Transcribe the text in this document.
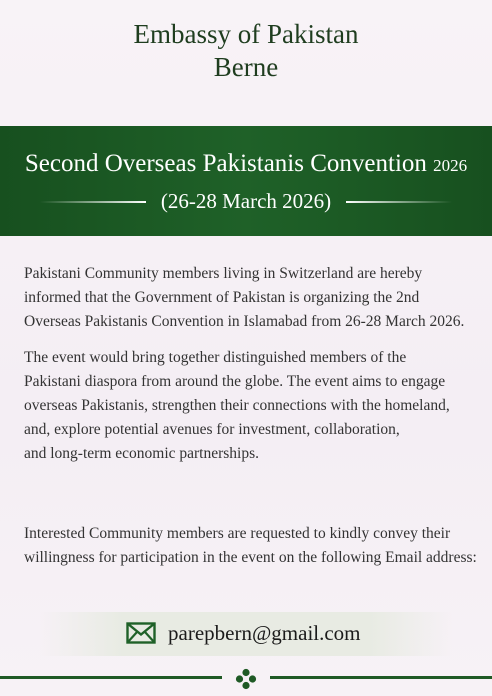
Embassy of Pakistan
Berne
Second Overseas Pakistanis Convention 2026
(26-28 March 2026)

Pakistani Community members living in Switzerland are hereby
informed that the Government of Pakistan is organizing the 2nd
Overseas Pakistanis Convention in Islamabad from 26-28 March 2026.

The event would bring together distinguished members of the
Pakistani diaspora from around the globe. The event aims to engage
overseas Pakistanis, strengthen their connections with the homeland,
and, explore potential avenues for investment, collaboration,
and long-term economic partnerships.

Interested Community members are requested to kindly convey their
willingness for participation in the event on the following Email address:

parepbern@gmail.com
